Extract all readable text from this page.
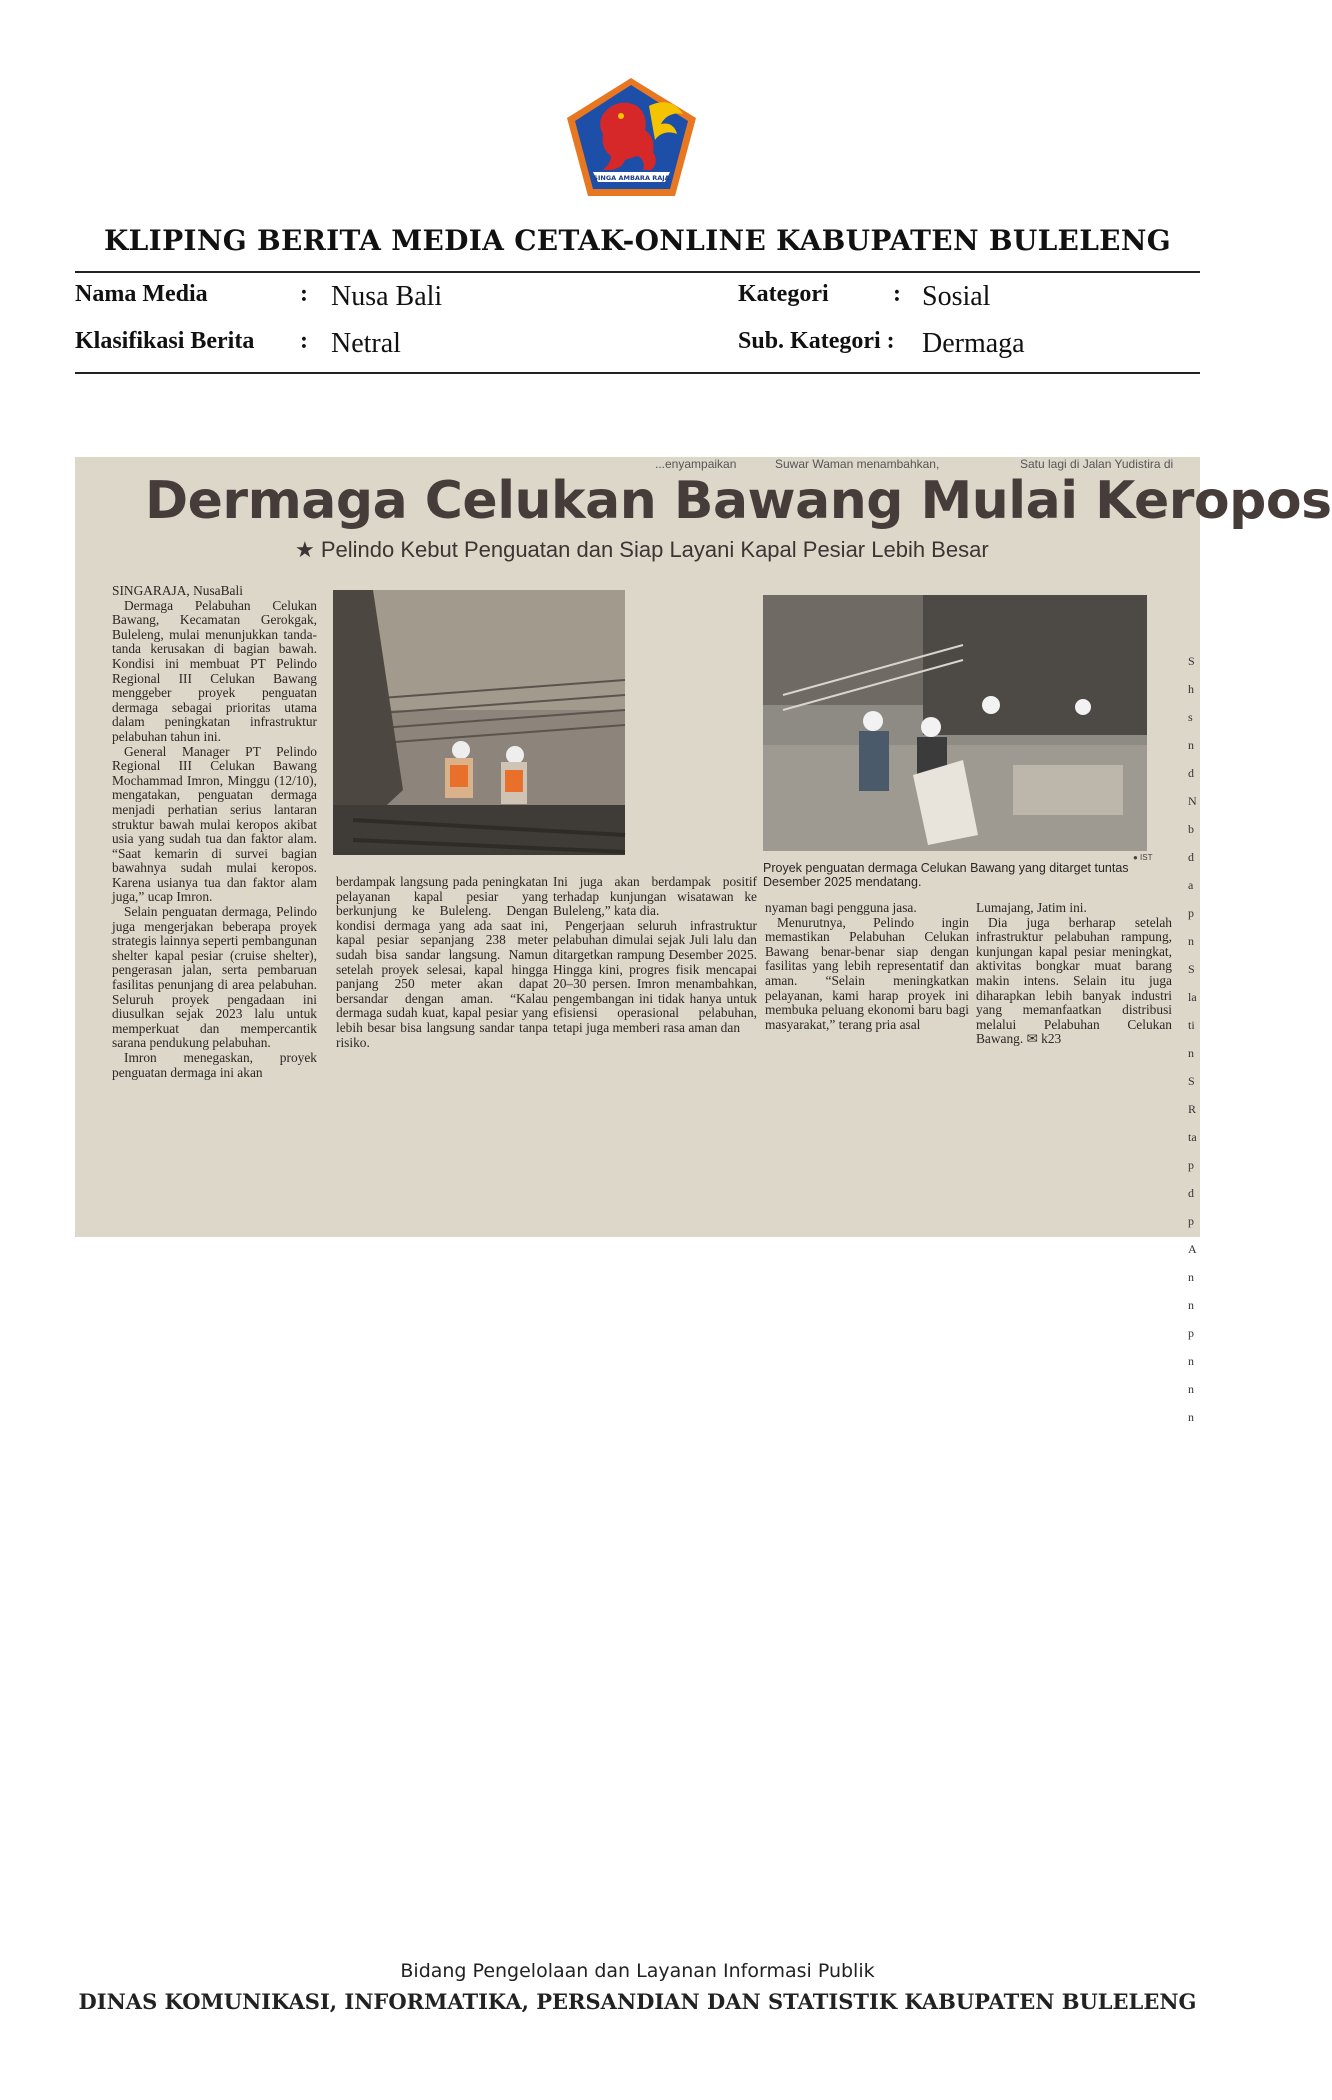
SINGA AMBARA RAJA
KLIPING BERITA MEDIA CETAK-ONLINE KABUPATEN BULELENG
Nama Media	: Nusa Bali	Kategori	: Sosial
Klasifikasi Berita : Netral	Sub. Kategori : Dermaga
...enyampaikan	Suwar Waman menambahkan,	Satu lagi di Jalan Yudistira di
Dermaga Celukan Bawang Mulai Keropos
★ Pelindo Kebut Penguatan dan Siap Layani Kapal Pesiar Lebih Besar

SINGARAJA, NusaBali

Dermaga Pelabuhan Celukan Bawang, Kecamatan Gerokgak, Buleleng, mulai menunjukkan tanda-tanda kerusakan di bagian bawah. Kondisi ini membuat PT Pelindo Regional III Celukan Bawang menggeber proyek penguatan dermaga sebagai prioritas utama dalam peningkatan infrastruktur pelabuhan tahun ini.

General Manager PT Pelindo Regional III Celukan Bawang Mochammad Imron, Minggu (12/10), mengatakan, penguatan dermaga menjadi perhatian serius lantaran struktur bawah mulai keropos akibat usia yang sudah tua dan faktor alam. “Saat kemarin di survei bagian bawahnya sudah mulai keropos. Karena usianya tua dan faktor alam juga,” ucap Imron.

Selain penguatan dermaga, Pelindo juga mengerjakan beberapa proyek strategis lainnya seperti pembangunan shelter kapal pesiar (cruise shelter), pengerasan jalan, serta pembaruan fasilitas penunjang di area pelabuhan. Seluruh proyek pengadaan ini diusulkan sejak 2023 lalu untuk memperkuat dan mempercantik sarana pendukung pelabuhan.

Imron menegaskan, proyek penguatan dermaga ini akan

● IST
Proyek penguatan dermaga Celukan Bawang yang ditarget tuntas Desember 2025 mendatang.

berdampak langsung pada peningkatan pelayanan kapal pesiar yang berkunjung ke Buleleng. Dengan kondisi dermaga yang ada saat ini, kapal pesiar sepanjang 238 meter sudah bisa sandar langsung. Namun setelah proyek selesai, kapal hingga panjang 250 meter akan dapat bersandar dengan aman. “Kalau dermaga sudah kuat, kapal pesiar yang lebih besar bisa langsung sandar tanpa risiko.

Ini juga akan berdampak positif terhadap kunjungan wisatawan ke Buleleng,” kata dia.

Pengerjaan seluruh infrastruktur pelabuhan dimulai sejak Juli lalu dan ditargetkan rampung Desember 2025. Hingga kini, progres fisik mencapai 20–30 persen. Imron menambahkan, pengembangan ini tidak hanya untuk efisiensi operasional pelabuhan, tetapi juga memberi rasa aman dan

nyaman bagi pengguna jasa.

Menurutnya, Pelindo ingin memastikan Pelabuhan Celukan Bawang benar-benar siap dengan fasilitas yang lebih representatif dan aman. “Selain meningkatkan pelayanan, kami harap proyek ini membuka peluang ekonomi baru bagi masyarakat,” terang pria asal

Lumajang, Jatim ini.

Dia juga berharap setelah infrastruktur pelabuhan rampung, kunjungan kapal pesiar meningkat, aktivitas bongkar muat barang makin intens. Selain itu juga diharapkan lebih banyak industri yang memanfaatkan distribusi melalui Pelabuhan Celukan Bawang. ✉ k23

S
h
s
n
d
N
b
d
a
p
n
S
la
ti
n
S
R
ta
p
d
p
A
n
n
p
n
n
n
Bidang Pengelolaan dan Layanan Informasi Publik
DINAS KOMUNIKASI, INFORMATIKA, PERSANDIAN DAN STATISTIK KABUPATEN BULELENG
